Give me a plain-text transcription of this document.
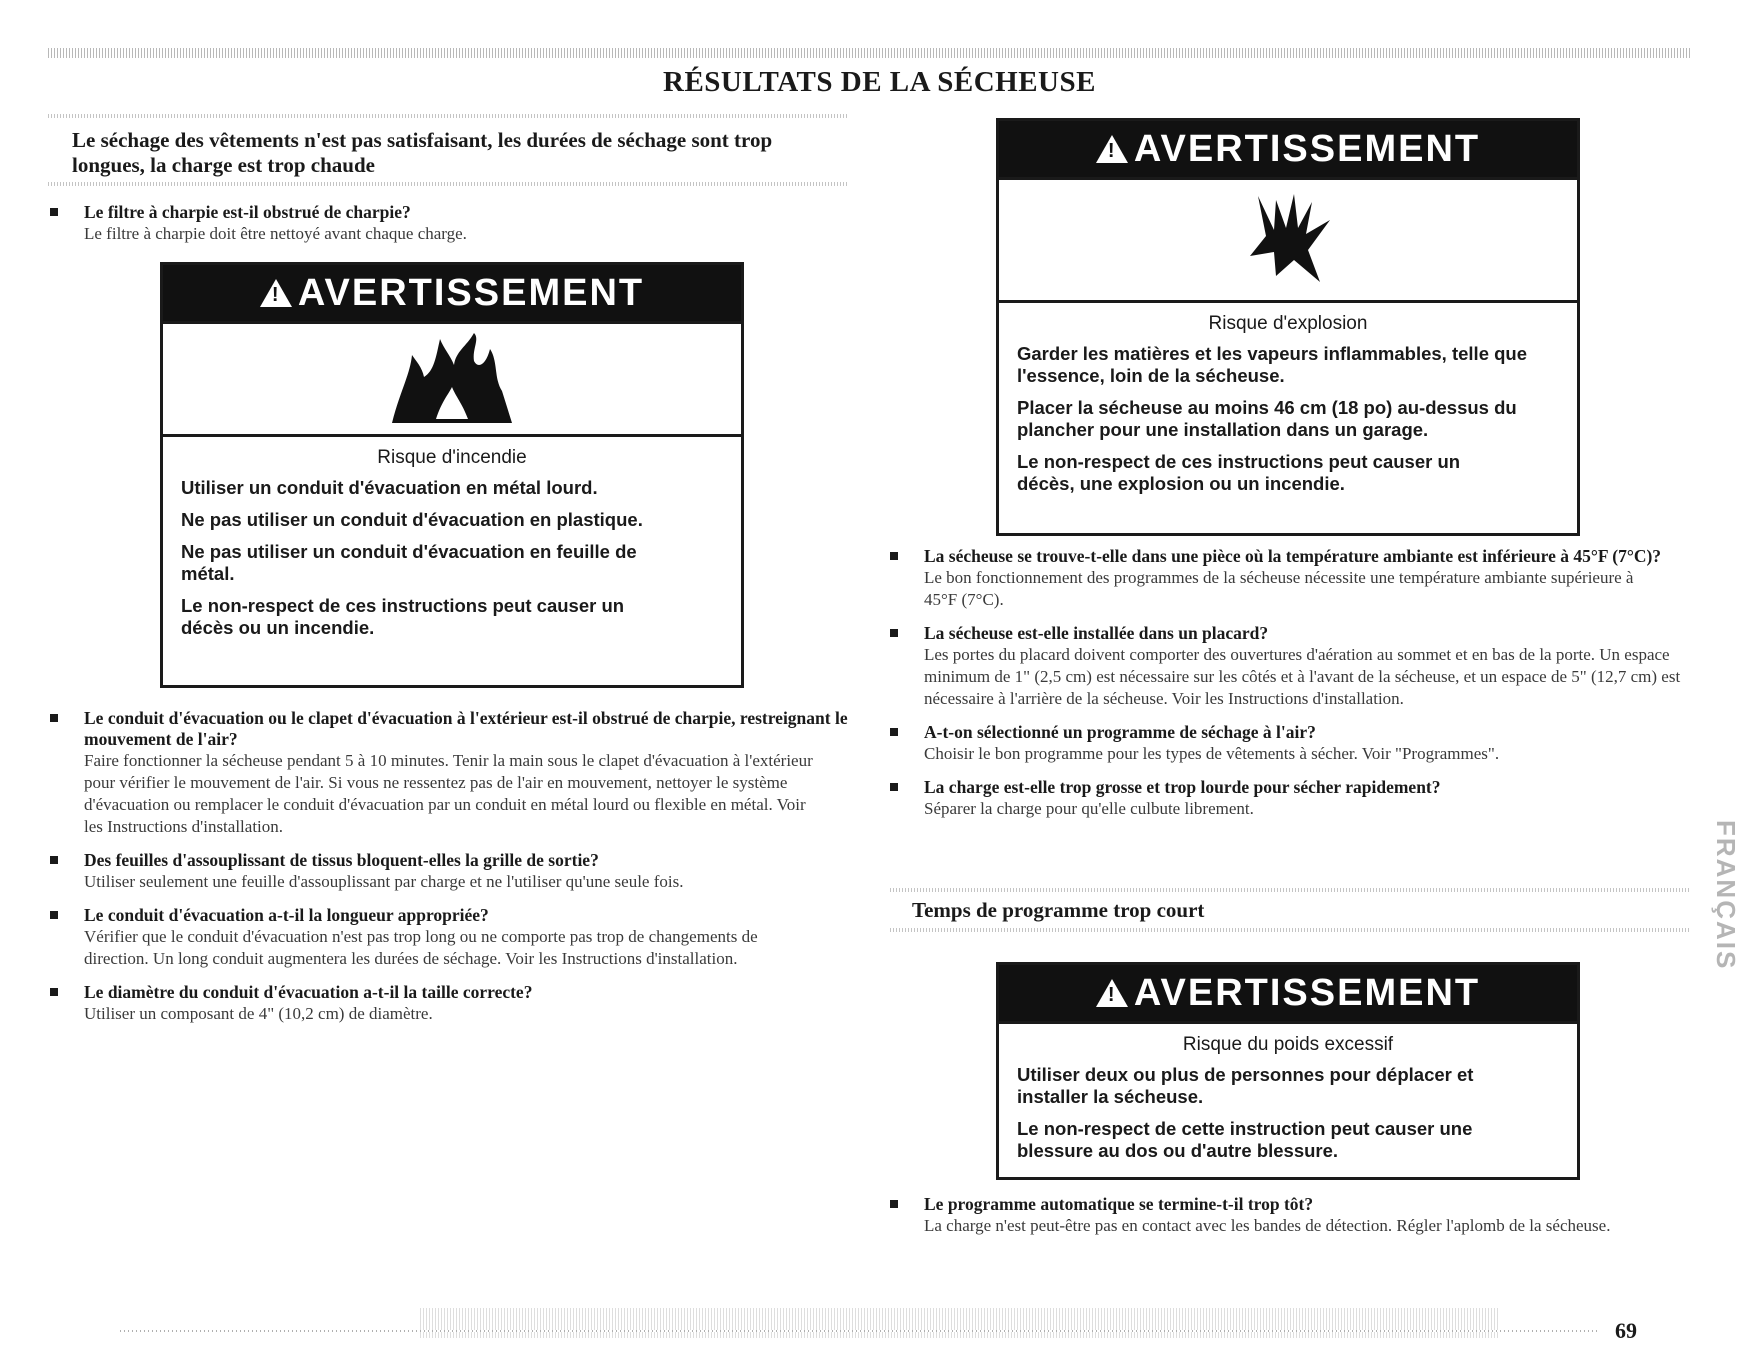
RÉSULTATS DE LA SÉCHEUSE
Le séchage des vêtements n'est pas satisfaisant, les durées de séchage sont trop longues, la charge est trop chaude
Le filtre à charpie est-il obstrué de charpie?
Le filtre à charpie doit être nettoyé avant chaque charge.
!AVERTISSEMENT
Risque d'incendie

Utiliser un conduit d'évacuation en métal lourd.

Ne pas utiliser un conduit d'évacuation en plastique.

Ne pas utiliser un conduit d'évacuation en feuille de métal.

Le non-respect de ces instructions peut causer un décès ou un incendie.

Le conduit d'évacuation ou le clapet d'évacuation à l'extérieur est-il obstrué de charpie, restreignant le mouvement de l'air?
Faire fonctionner la sécheuse pendant 5 à 10 minutes. Tenir la main sous le clapet d'évacuation à l'extérieur pour vérifier le mouvement de l'air. Si vous ne ressentez pas de l'air en mouvement, nettoyer le système d'évacuation ou remplacer le conduit d'évacuation par un conduit en métal lourd ou flexible en métal. Voir les Instructions d'installation.
Des feuilles d'assouplissant de tissus bloquent-elles la grille de sortie?
Utiliser seulement une feuille d'assouplissant par charge et ne l'utiliser qu'une seule fois.
Le conduit d'évacuation a-t-il la longueur appropriée?
Vérifier que le conduit d'évacuation n'est pas trop long ou ne comporte pas trop de changements de direction. Un long conduit augmentera les durées de séchage. Voir les Instructions d'installation.
Le diamètre du conduit d'évacuation a-t-il la taille correcte?
Utiliser un composant de 4" (10,2 cm) de diamètre.
!AVERTISSEMENT
Risque d'explosion

Garder les matières et les vapeurs inflammables, telle que l'essence, loin de la sécheuse.

Placer la sécheuse au moins 46 cm (18 po) au-dessus du plancher pour une installation dans un garage.

Le non-respect de ces instructions peut causer un décès, une explosion ou un incendie.

La sécheuse se trouve-t-elle dans une pièce où la température ambiante est inférieure à 45°F (7°C)?
Le bon fonctionnement des programmes de la sécheuse nécessite une température ambiante supérieure à 45°F (7°C).
La sécheuse est-elle installée dans un placard?
Les portes du placard doivent comporter des ouvertures d'aération au sommet et en bas de la porte. Un espace minimum de 1" (2,5 cm) est nécessaire sur les côtés et à l'avant de la sécheuse, et un espace de 5" (12,7 cm) est nécessaire à l'arrière de la sécheuse. Voir les Instructions d'installation.
A-t-on sélectionné un programme de séchage à l'air?
Choisir le bon programme pour les types de vêtements à sécher. Voir "Programmes".
La charge est-elle trop grosse et trop lourde pour sécher rapidement?
Séparer la charge pour qu'elle culbute librement.
Temps de programme trop court
!AVERTISSEMENT
Risque du poids excessif

Utiliser deux ou plus de personnes pour déplacer et installer la sécheuse.

Le non-respect de cette instruction peut causer une blessure au dos ou d'autre blessure.

Le programme automatique se termine-t-il trop tôt?
La charge n'est peut-être pas en contact avec les bandes de détection. Régler l'aplomb de la sécheuse.
FRANÇAIS
69
